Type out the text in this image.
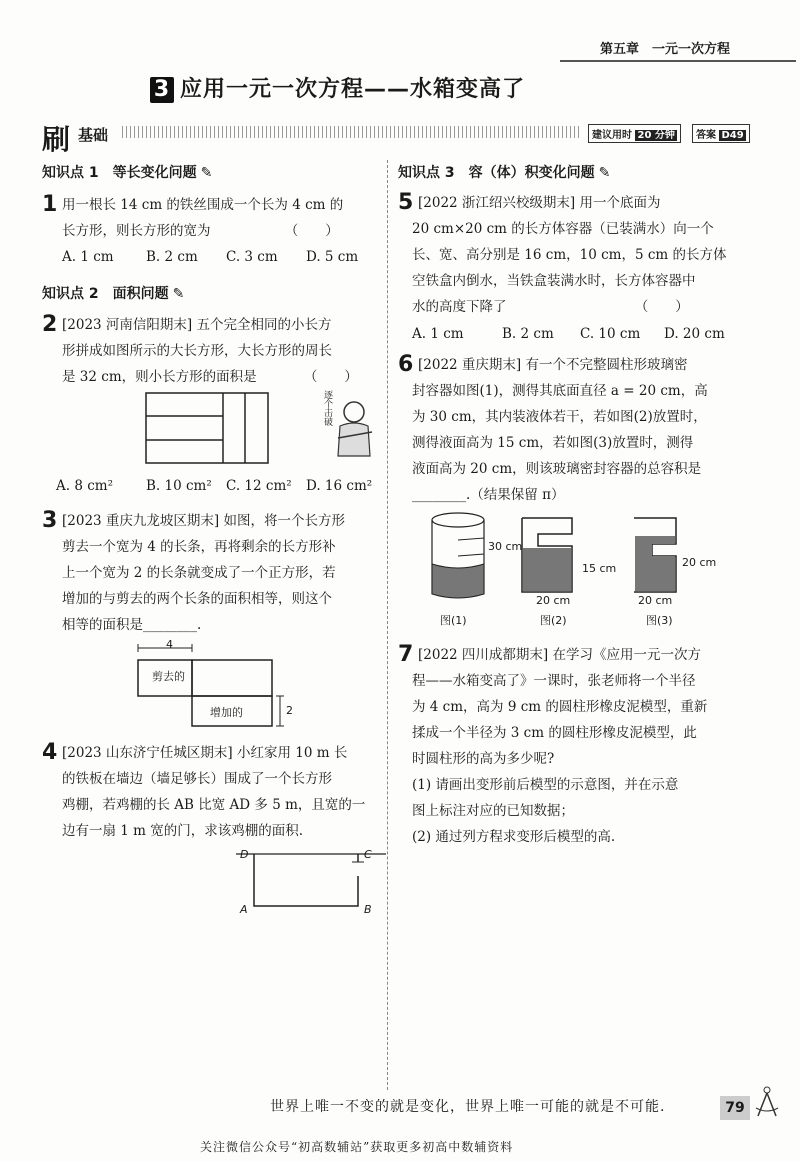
第五章　一元一次方程
3 应用一元一次方程——水箱变高了
刷 基础	建议用时 20 分钟	答案 D49
知识点 1　等长变化问题 ✎
1 用一根长 14 cm 的铁丝围成一个长为 4 cm 的
长方形，则长方形的宽为　　　　　　（　　）
A. 1 cm B. 2 cm C. 3 cm D. 5 cm
知识点 2　面积问题 ✎
2 [2023 河南信阳期末] 五个完全相同的小长方
形拼成如图所示的大长方形，大长方形的周长
是 32 cm，则小长方形的面积是　　　　（　　）
逐个击破
A. 8 cm² B. 10 cm² C. 12 cm² D. 16 cm²
3 [2023 重庆九龙坡区期末] 如图，将一个长方形
剪去一个宽为 4 的长条，再将剩余的长方形补
上一个宽为 2 的长条就变成了一个正方形，若
增加的与剪去的两个长条的面积相等，则这个
相等的面积是________.
4
剪去的
增加的	2
4 [2023 山东济宁任城区期末] 小红家用 10 m 长
的铁板在墙边（墙足够长）围成了一个长方形
鸡棚，若鸡棚的长 AB 比宽 AD 多 5 m，且宽的一
边有一扇 1 m 宽的门，求该鸡棚的面积.
D	C
A	B
知识点 3　容（体）积变化问题 ✎
5 [2022 浙江绍兴校级期末] 用一个底面为
20 cm×20 cm 的长方体容器（已装满水）向一个
长、宽、高分别是 16 cm，10 cm，5 cm 的长方体
空铁盒内倒水，当铁盒装满水时，长方体容器中
水的高度下降了　　　　　　　　　　（　　）
A. 1 cm	B. 2 cm C. 10 cm D. 20 cm
6 [2022 重庆期末] 有一个不完整圆柱形玻璃密
封容器如图(1)，测得其底面直径 a = 20 cm，高
为 30 cm，其内装液体若干，若如图(2)放置时，
测得液面高为 15 cm，若如图(3)放置时，测得
液面高为 20 cm，则该玻璃密封容器的总容积是
________.（结果保留 π）
30 cm
15 cm	20 cm
20 cm	20 cm
图(1)	图(2)	图(3)
7 [2022 四川成都期末] 在学习《应用一元一次方
程——水箱变高了》一课时，张老师将一个半径
为 4 cm，高为 9 cm 的圆柱形橡皮泥模型，重新
揉成一个半径为 3 cm 的圆柱形橡皮泥模型，此
时圆柱形的高为多少呢?
(1) 请画出变形前后模型的示意图，并在示意
图上标注对应的已知数据；
(2) 通过列方程求变形后模型的高.
世界上唯一不变的就是变化，世界上唯一可能的就是不可能.	79
关注微信公众号“初高数辅站”获取更多初高中数辅资料
